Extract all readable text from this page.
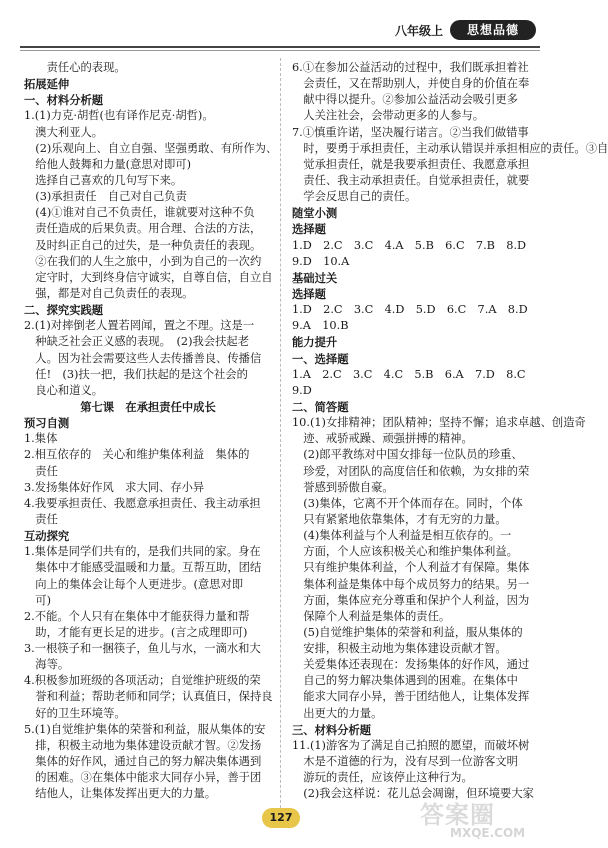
八年级上	思想品德
　　责任心的表现。
拓展延伸
一、材料分析题
1.(1)力克·胡哲(也有译作尼克·胡哲)。
　澳大利亚人。
　(2)乐观向上、自立自强、坚强勇敢、有所作为、
　给他人鼓舞和力量(意思对即可)
　选择自己喜欢的几句写下来。
　(3)承担责任　自己对自己负责
　(4)①谁对自己不负责任，谁就要对这种不负
　责任造成的后果负责。用合理、合法的方法，
　及时纠正自己的过失，是一种负责任的表现。
　②在我们的人生之旅中，小到为自己的一次约
　定守时，大到终身信守诚实，自尊自信，自立自
　强，都是对自己负责任的表现。
二、探究实践题
2.(1)对摔倒老人置若罔闻，置之不理。这是一
　种缺乏社会正义感的表现。　(2)我会扶起老
　人。因为社会需要这些人去传播善良、传播信
　任!　(3)扶一把，我们扶起的是这个社会的
　良心和道义。
第七课　在承担责任中成长
预习自测
1.集体
2.相互依存的　关心和维护集体利益　集体的
　责任
3.发扬集体好作风　求大同、存小异
4.我要承担责任、我愿意承担责任、我主动承担
　责任
互动探究
1.集体是同学们共有的，是我们共同的家。身在
　集体中才能感受温暖和力量。互帮互助，团结
　向上的集体会让每个人更进步。(意思对即
　可)
2.不能。个人只有在集体中才能获得力量和帮
　助，才能有更长足的进步。(言之成理即可)
3.一根筷子和一捆筷子，鱼儿与水，一滴水和大
　海等。
4.积极参加班级的各项活动；自觉维护班级的荣
　誉和利益；帮助老师和同学；认真值日，保持良
　好的卫生环境等。
5.(1)自觉维护集体的荣誉和利益，服从集体的安
　排，积极主动地为集体建设贡献才智。②发扬
　集体的好作风，通过自己的努力解决集体遇到
　的困难。③在集体中能求大同存小异，善于团
　结他人，让集体发挥出更大的力量。
6.①在参加公益活动的过程中，我们既承担着社
　会责任，又在帮助别人，并使自身的价值在奉
　献中得以提升。②参加公益活动会吸引更多
　人关注社会，会带动更多的人参与。
7.①慎重许诺，坚决履行诺言。②当我们做错事
　时，要勇于承担责任，主动承认错误并承担相应的责任。③自
　觉承担责任，就是我要承担责任、我愿意承担
　责任、我主动承担责任。自觉承担责任，就要
　学会反思自己的责任。
随堂小测
选择题
1.D　2.C　3.C　4.A　5.B　6.C　7.B　8.D
9.D　10.A
基础过关
选择题
1.D　2.C　3.C　4.D　5.D　6.C　7.A　8.D
9.A　10.B
能力提升
一、选择题
1.A　2.C　3.C　4.C　5.B　6.A　7.D　8.C
9.D
二、简答题
10.(1)女排精神；团队精神；坚持不懈；追求卓越、创造奇
　迹、戒骄戒躁、顽强拼搏的精神。
　(2)郎平教练对中国女排每一位队员的珍重、
　珍爱，对团队的高度信任和依赖，为女排的荣
　誉感到骄傲自豪。
　(3)集体，它离不开个体而存在。同时，个体
　只有紧紧地依靠集体，才有无穷的力量。
　(4)集体利益与个人利益是相互依存的。一
　方面，个人应该积极关心和维护集体利益。
　只有维护集体利益，个人利益才有保障。集体
　集体利益是集体中每个成员努力的结果。另一
　方面，集体应充分尊重和保护个人利益，因为
　保障个人利益是集体的责任。
　(5)自觉维护集体的荣誉和利益，服从集体的
　安排，积极主动地为集体建设贡献才智。
　关爱集体还表现在：发扬集体的好作风，通过
　自己的努力解决集体遇到的困难。在集体中
　能求大同存小异，善于团结他人，让集体发挥
　出更大的力量。
三、材料分析题
11.(1)游客为了满足自己拍照的愿望，而破坏树
　木是不道德的行为，没有尽到一位游客文明
　游玩的责任，应该停止这种行为。
　(2)我会这样说：花儿总会凋谢，但环境要大家
127	答案圈
MXQE.COM
